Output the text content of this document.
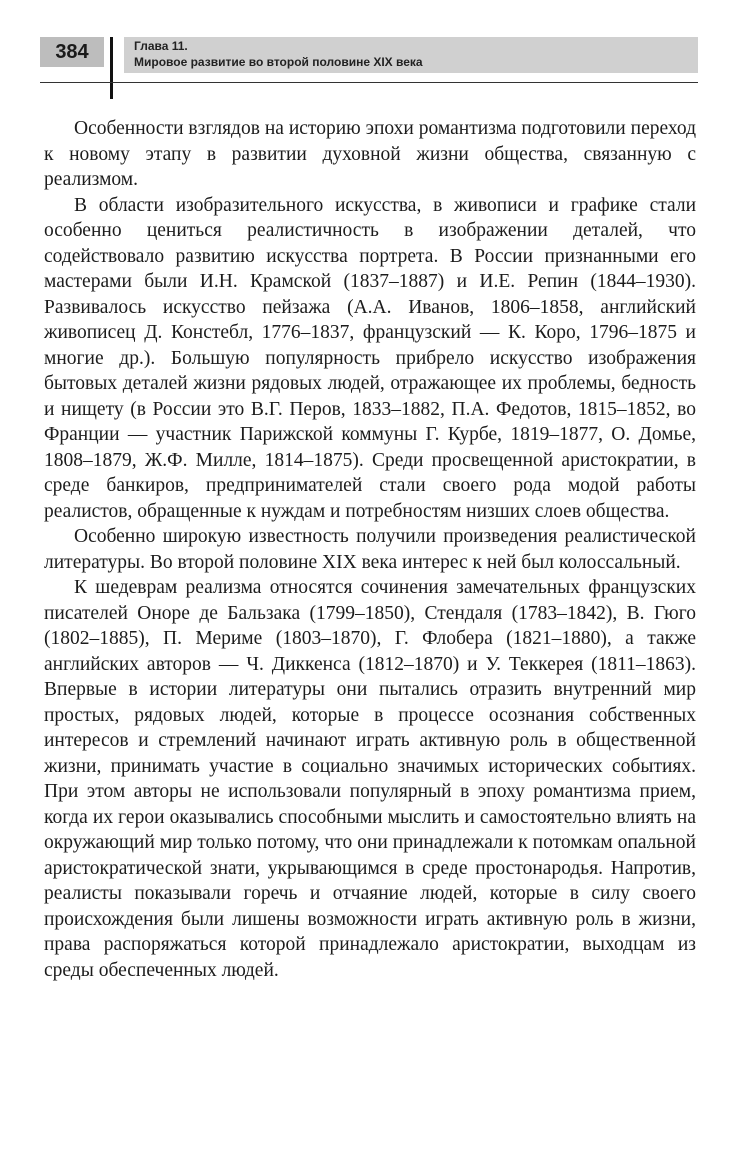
384	Глава 11.
Мировое развитие во второй половине XIX века

Особенности взглядов на историю эпохи романтизма подготовили переход к новому этапу в развитии духовной жизни общества, связанную с реализмом.

В области изобразительного искусства, в живописи и графике стали особенно цениться реалистичность в изображении деталей, что содействовало развитию искусства портрета. В России признанными его мастерами были И.Н. Крамской (1837–1887) и И.Е. Репин (1844–1930). Развивалось искусство пейзажа (А.А. Иванов, 1806–1858, английский живописец Д. Констебл, 1776–1837, французский — К. Коро, 1796–1875 и многие др.). Большую популярность прибрело искусство изображения бытовых деталей жизни рядовых людей, отражающее их проблемы, бедность и нищету (в России это В.Г. Перов, 1833–1882, П.А. Федотов, 1815–1852, во Франции — участник Парижской коммуны Г. Курбе, 1819–1877, О. Домье, 1808–1879, Ж.Ф. Милле, 1814–1875). Среди просвещенной аристократии, в среде банкиров, предпринимателей стали своего рода модой работы реалистов, обращенные к нуждам и потребностям низших слоев общества.

Особенно широкую известность получили произведения реалистической литературы. Во второй половине XIX века интерес к ней был колоссальный.

К шедеврам реализма относятся сочинения замечательных французских писателей Оноре де Бальзака (1799–1850), Стендаля (1783–1842), В. Гюго (1802–1885), П. Мериме (1803–1870), Г. Флобера (1821–1880), а также английских авторов — Ч. Диккенса (1812–1870) и У. Теккерея (1811–1863). Впервые в истории литературы они пытались отразить внутренний мир простых, рядовых людей, которые в процессе осознания собственных интересов и стремлений начинают играть активную роль в общественной жизни, принимать участие в социально значимых исторических событиях. При этом авторы не использовали популярный в эпоху романтизма прием, когда их герои оказывались способными мыслить и самостоятельно влиять на окружающий мир только потому, что они принадлежали к потомкам опальной аристократической знати, укрывающимся в среде простонародья. Напротив, реалисты показывали горечь и отчаяние людей, которые в силу своего происхождения были лишены возможности играть активную роль в жизни, права распоряжаться которой принадлежало аристократии, выходцам из среды обеспеченных людей.
